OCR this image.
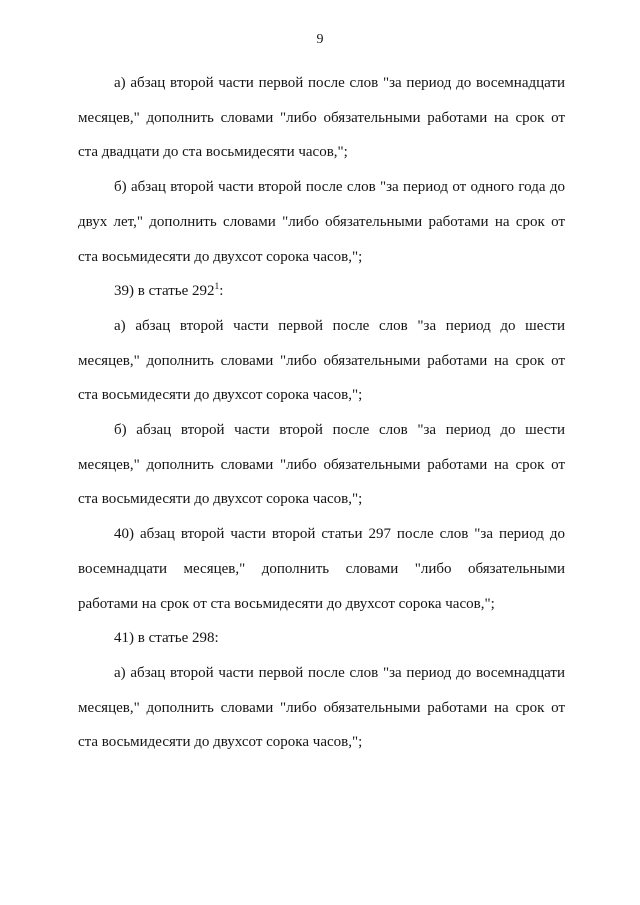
9
а) абзац второй части первой после слов "за период до восемнадцати
месяцев," дополнить словами "либо обязательными работами на срок от
ста двадцати до ста восьмидесяти часов,";
б) абзац второй части второй после слов "за период от одного года до
двух лет," дополнить словами "либо обязательными работами на срок от
ста восьмидесяти до двухсот сорока часов,";
39) в статье $292^1$:
а) абзац второй части первой после слов "за период до шести
месяцев," дополнить словами "либо обязательными работами на срок от
ста восьмидесяти до двухсот сорока часов,";
б) абзац второй части второй после слов "за период до шести
месяцев," дополнить словами "либо обязательными работами на срок от
ста восьмидесяти до двухсот сорока часов,";
40) абзац второй части второй статьи 297 после слов "за период до
восемнадцати месяцев," дополнить словами "либо обязательными
работами на срок от ста восьмидесяти до двухсот сорока часов,";
41) в статье 298:
а) абзац второй части первой после слов "за период до восемнадцати
месяцев," дополнить словами "либо обязательными работами на срок от
ста восьмидесяти до двухсот сорока часов,";
